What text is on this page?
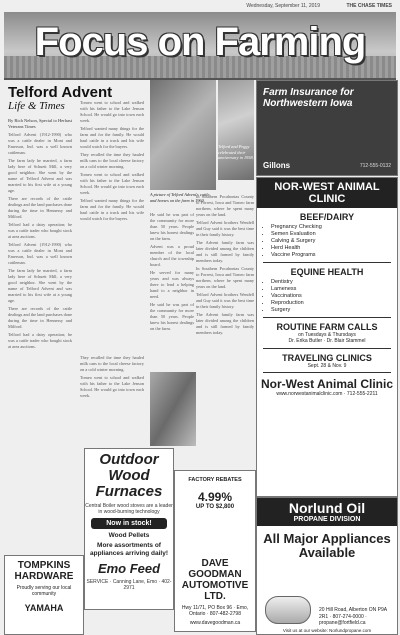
Wednesday, September 11, 2019	THE CHASE TIMES
Focus on Farming
Telford Advent
Life & Times
By Rich Nelson, Special to Herhast Veterans Times

Telford Advent (1912-1990) who was a cattle dealer in Mont and Emerson, Ind. was a well known cattleman.

The farm lady he married, a farm lady here of Schuett Mill, a very good neighbor. She went by the name of Telford Advent and was married to his first wife at a young age.

There are records of the cattle dealings and the land purchases done during the time in Hennessy and Milford.

Telford had a dairy operation; he was a cattle trader who bought stock at area auctions.

Telford Advent (1912-1990) who was a cattle dealer in Mont and Emerson, Ind. was a well known cattleman.

The farm lady he married, a farm lady here of Schuett Mill, a very good neighbor. She went by the name of Telford Advent and was married to his first wife at a young age.

There are records of the cattle dealings and the land purchases done during the time in Hennessy and Milford.

Telford had a dairy operation; he was a cattle trader who bought stock at area auctions.

Tomeo went to school and walked with his father to the Lake Jenson School. He would go into town each week.

Telford wanted many things for the farm and for the family. He would haul cattle in a truck and his wife would watch for the buyers.

They recalled the time they hauled milk cans to the local cheese factory on a cold winter morning.

Tomeo went to school and walked with his father to the Lake Jenson School. He would go into town each week.

Telford wanted many things for the farm and for the family. He would haul cattle in a truck and his wife would watch for the buyers.

They recalled the time they hauled milk cans to the local cheese factory on a cold winter morning.

Tomeo went to school and walked with his father to the Lake Jenson School. He would go into town each week.

A picture of Telford Advent's cattle, and horses on the farm in 1960.

He said he was part of the community for more than 50 years. People knew his honest dealings on the farm.

Advent was a proud member of the local church and the township board.

He served for many years and was always there to lend a helping hand to a neighbor in need.

He said he was part of the community for more than 50 years. People knew his honest dealings on the farm.

Telford and Peggy celebrated their anniversary in 1958.

In Southern Pocahontas County to Forrest, Iowa and Tomeo farm northern, where he spent many years on the land.

Telford Advent brothers Wendell and Guy said it was the best time in their family history.

The Advent family farm was later divided among the children and is still farmed by family members today.

In Southern Pocahontas County to Forrest, Iowa and Tomeo farm northern, where he spent many years on the land.

Telford Advent brothers Wendell and Guy said it was the best time in their family history.

The Advent family farm was later divided among the children and is still farmed by family members today.

Farm Insurance for Northwestern Iowa
Gillons	712-555-0132
NOR-WEST ANIMAL CLINIC
BEEF/DAIRY
• Pregnancy Checking
• Semen Evaluation
• Calving & Surgery
• Herd Health
• Vaccine Programs
EQUINE HEALTH
• Dentistry
• Lameness
• Vaccinations
• Reproduction
• Surgery
ROUTINE FARM CALLS
on Tuesdays & Thursdays
Dr. Erika Butler · Dr. Blair Stammel
TRAVELING CLINICS
Sept. 28 & Nov. 9
Nor-West Animal Clinic
www.norwestanimalclinic.com · 712-555-2211
Outdoor Wood Furnaces
Central Boiler wood stoves are a leader in wood-burning technology
Now in stock!
Wood Pellets
More assortments of appliances arriving daily!
Emo Feed
SERVICE · Canning Lane, Emo · 402-2971
TOMPKINS HARDWARE
Proudly serving our local community
YAMAHA
FACTORY REBATES
4.99%
UP TO $2,800
DAVE GOODMAN AUTOMOTIVE LTD.
Hwy 11/71, PO Box 96 · Emo, Ontario · 807-482-2798
www.davegoodman.ca
Norlund Oil
PROPANE DIVISION
All Major Appliances Available
20 Hill Road, Alberton ON P9A 2R1 · 807-274-0000 · propane@fortfield.ca
Visit us at our website: Norlundpropane.com
